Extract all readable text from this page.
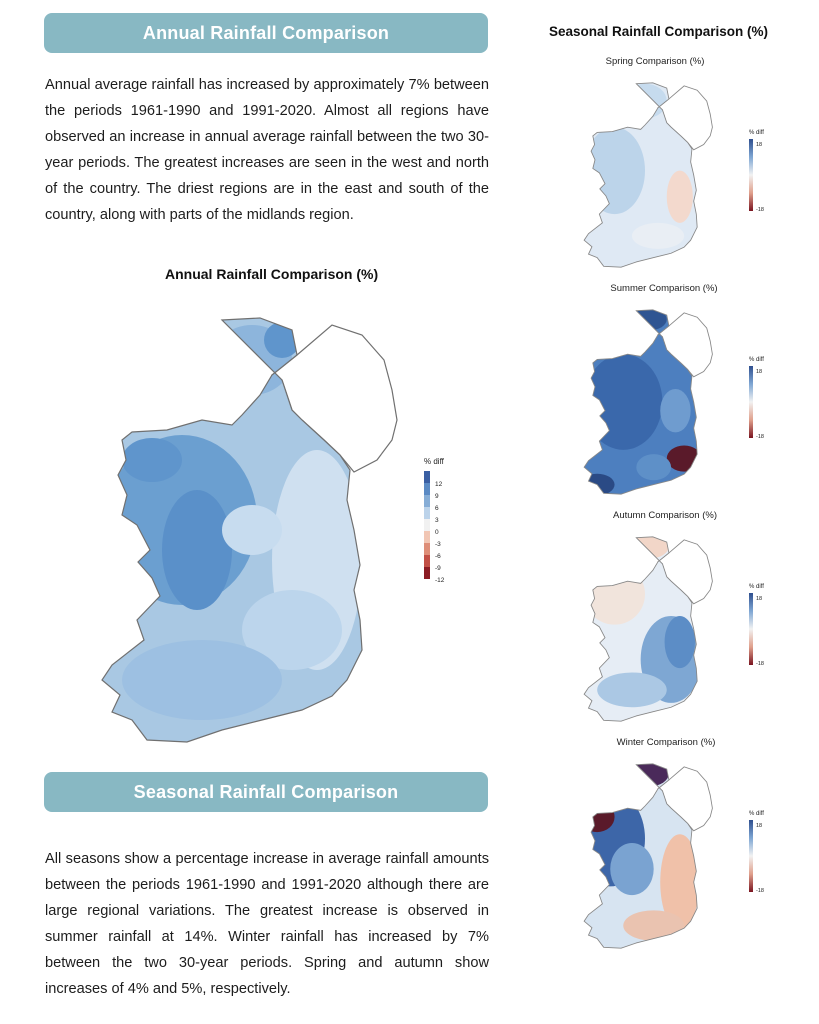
Annual Rainfall Comparison
Annual average rainfall has increased by approximately 7% between the periods 1961-1990 and 1991-2020. Almost all regions have observed an increase in annual average rainfall between the two 30-year periods. The greatest increases are seen in the west and north of the country. The driest regions are in the east and south of the country, along with parts of the midlands region.
Annual Rainfall Comparison (%)
% diff
12
9
6
3
0
-3
-6
-9
-12
Seasonal Rainfall Comparison
All seasons show a percentage increase in average rainfall amounts between the periods 1961-1990 and 1991-2020 although there are large regional variations. The greatest increase is observed in summer rainfall at 14%. Winter rainfall has increased by 7% between the two 30-year periods. Spring and autumn show increases of 4% and 5%, respectively.
Seasonal Rainfall Comparison (%)
Spring Comparison (%)
% diff
18
-18
Summer Comparison (%)
% diff
18
-18
Autumn Comparison (%)
% diff
18
-18
Winter Comparison (%)
% diff
18
-18
